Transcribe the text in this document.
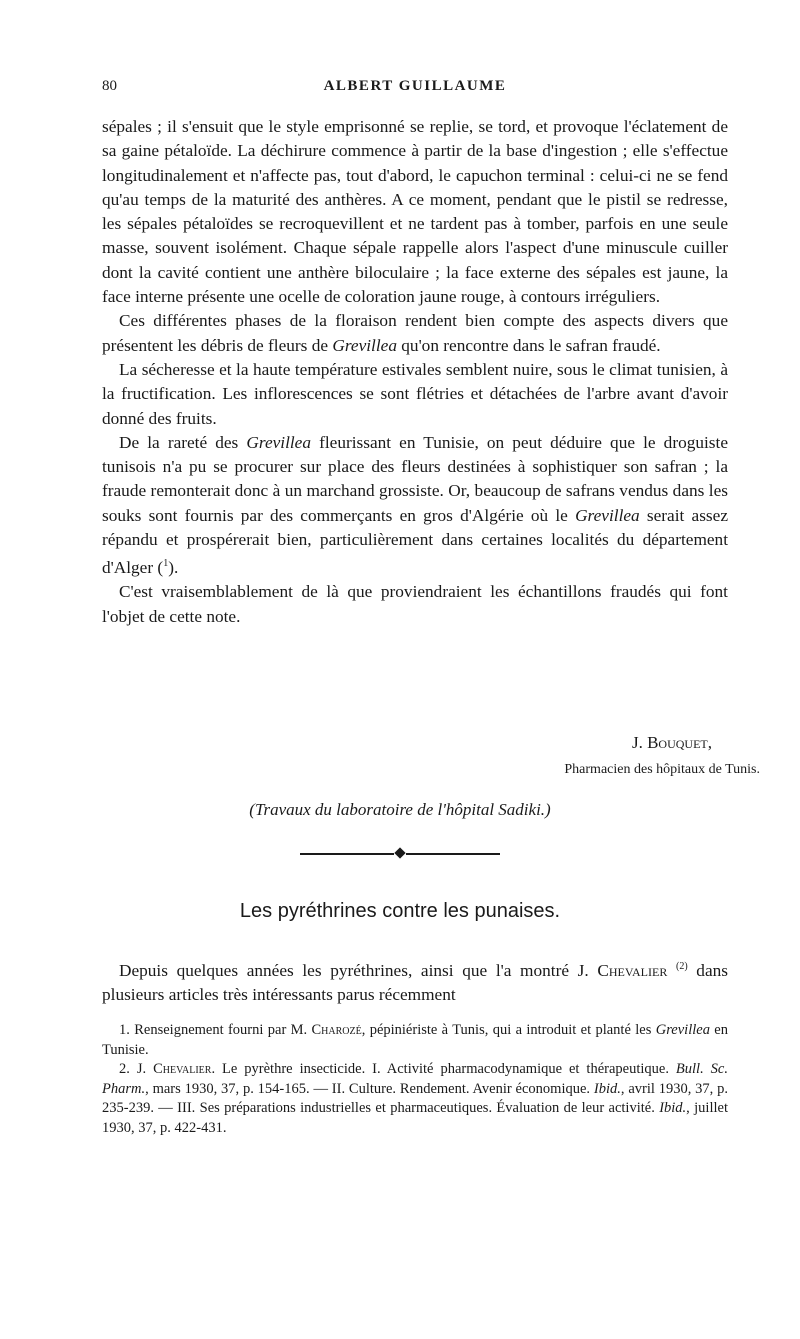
80	ALBERT GUILLAUME

sépales ; il s'ensuit que le style emprisonné se replie, se tord, et provoque l'éclatement de sa gaine pétaloïde. La déchirure commence à partir de la base d'ingestion ; elle s'effectue longitudinalement et n'affecte pas, tout d'abord, le capuchon terminal : celui-ci ne se fend qu'au temps de la maturité des anthères. A ce moment, pendant que le pistil se redresse, les sépales pétaloïdes se recroquevillent et ne tardent pas à tomber, parfois en une seule masse, souvent isolément. Chaque sépale rappelle alors l'aspect d'une minuscule cuiller dont la cavité contient une anthère biloculaire ; la face externe des sépales est jaune, la face interne présente une ocelle de coloration jaune rouge, à contours irréguliers.

Ces différentes phases de la floraison rendent bien compte des aspects divers que présentent les débris de fleurs de Grevillea qu'on rencontre dans le safran fraudé.

La sécheresse et la haute température estivales semblent nuire, sous le climat tunisien, à la fructification. Les inflorescences se sont flétries et détachées de l'arbre avant d'avoir donné des fruits.

De la rareté des Grevillea fleurissant en Tunisie, on peut déduire que le droguiste tunisois n'a pu se procurer sur place des fleurs destinées à sophistiquer son safran ; la fraude remonterait donc à un marchand grossiste. Or, beaucoup de safrans vendus dans les souks sont fournis par des commerçants en gros d'Algérie où le Grevillea serait assez répandu et prospérerait bien, particulièrement dans certaines localités du département d'Alger ($^1$).

C'est vraisemblablement de là que proviendraient les échantillons fraudés qui font l'objet de cette note.

J. Bouquet,
Pharmacien des hôpitaux de Tunis.
(Travaux du laboratoire de l'hôpital Sadiki.)
Les pyréthrines contre les punaises.

Depuis quelques années les pyréthrines, ainsi que l'a montré J. Chevalier $^{(2)}$ dans plusieurs articles très intéressants parus récemment

1. Renseignement fourni par M. Charozé, pépiniériste à Tunis, qui a introduit et planté les Grevillea en Tunisie.

2. J. Chevalier. Le pyrèthre insecticide. I. Activité pharmacodynamique et thérapeutique. Bull. Sc. Pharm., mars 1930, 37, p. 154-165. — II. Culture. Rendement. Avenir économique. Ibid., avril 1930, 37, p. 235-239. — III. Ses préparations industrielles et pharmaceutiques. Évaluation de leur activité. Ibid., juillet 1930, 37, p. 422-431.
